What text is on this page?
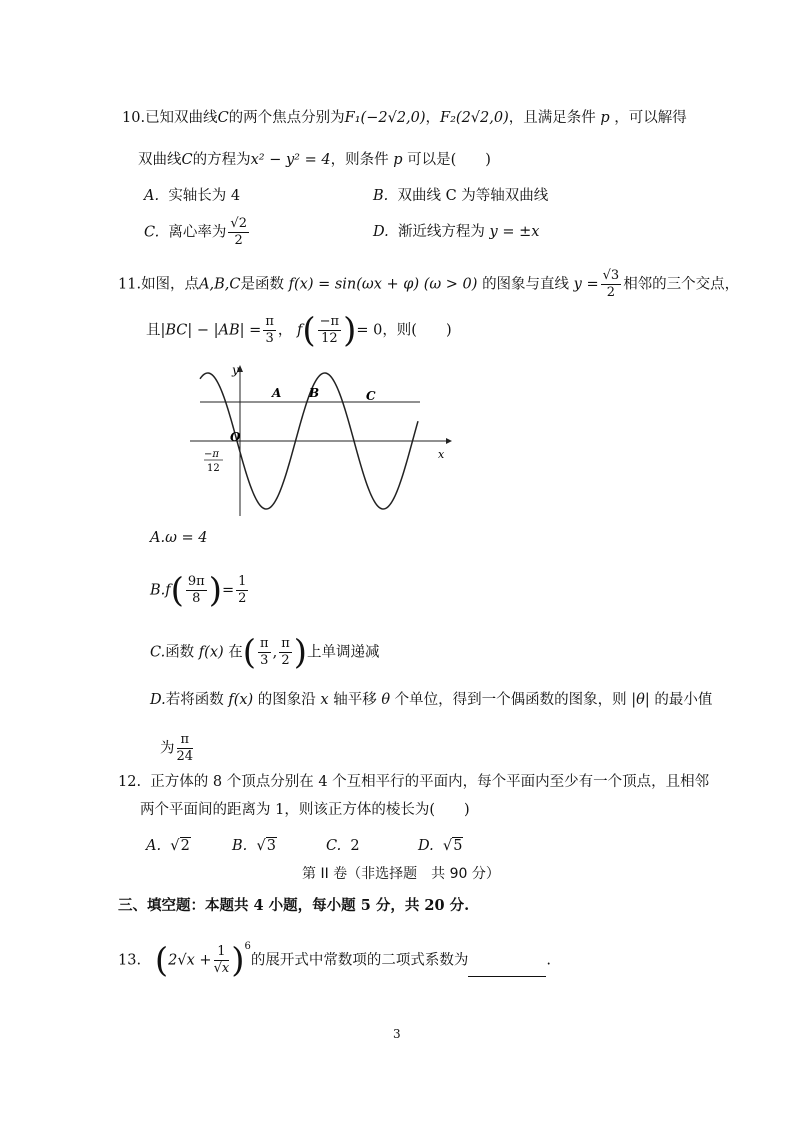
10.已知双曲线C的两个焦点分别为F₁(−2√2,0)，F₂(2√2,0)，且满足条件 p ，可以解得
双曲线C的方程为x² − y² = 4，则条件 p 可以是(　　)
A. 实轴长为 4	B. 双曲线 C 为等轴双曲线
C. 离心率为 $\frac{√2}{2}$	D. 渐近线方程为 y = ±x
11.如图，点A,B,C是函数 f(x) = sin(ωx + φ) (ω > 0) 的图象与直线 $y = \frac{√3}{2}$ 相邻的三个交点，
且$|BC| - |AB| = \frac{\pi}{3}$ ， $f( \frac{-\pi}{12}$ )= 0，则(　　)
y
x
O
A B	C
−π
12
A.ω = 4
$B.f( \frac{9\pi}{8}$ )= $\frac{1}{2}$
C.函数 f(x) 在( $\frac{\pi}{3}$ , $\frac{\pi}{2}$ )上单调递减
D.若将函数 f(x) 的图象沿 x 轴平移 θ 个单位，得到一个偶函数的图象，则 |θ| 的最小值
为 $\frac{\pi}{24}$
12. 正方体的 8 个顶点分别在 4 个互相平行的平面内，每个平面内至少有一个顶点，且相邻
两个平面间的距离为 1，则该正方体的棱长为(　　)
A.  √2	B.  √3	C. 2	D.  √5
第 II 卷（非选择题　共 90 分）
三、填空题：本题共 4 小题，每小题 5 分，共 20 分.
13. $(2√x + \frac{1}{√x} )^6$的展开式中常数项的二项式系数为	.
3
